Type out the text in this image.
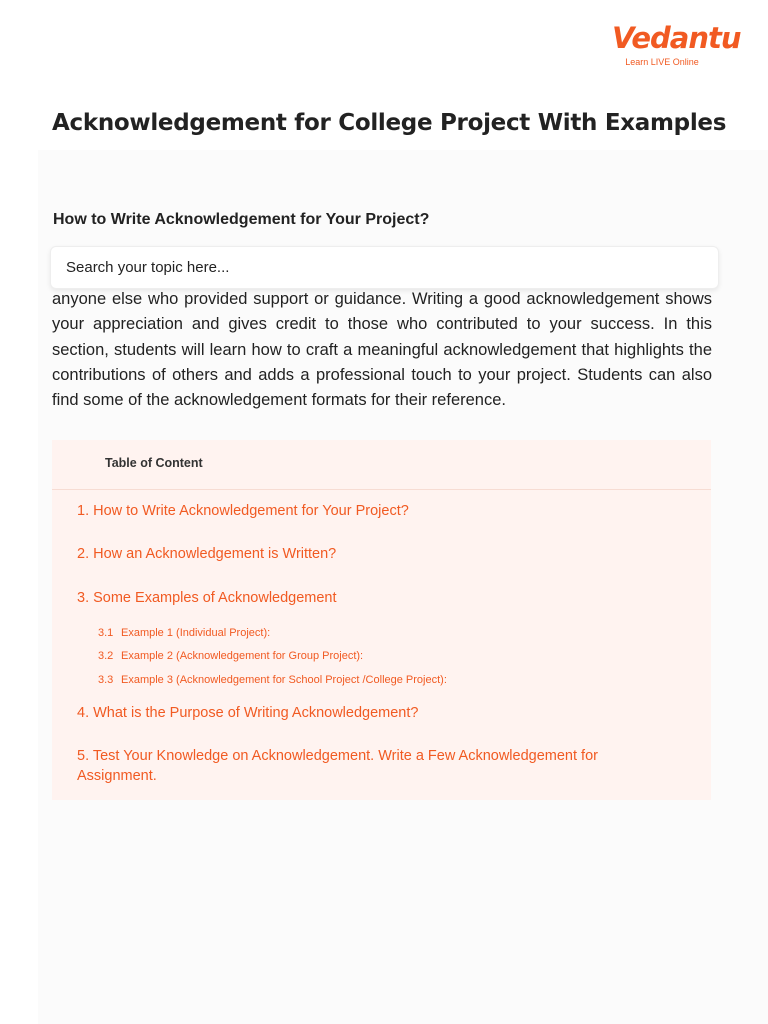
Vedantu
Learn LIVE Online
Acknowledgement for College Project With Examples
How to Write Acknowledgement for Your Project?

anyone else who provided support or guidance. Writing a good acknowledgement shows your appreciation and gives credit to those who contributed to your success. In this section, students will learn how to craft a meaningful acknowledgement that highlights the contributions of others and adds a professional touch to your project. Students can also find some of the acknowledgement formats for their reference.

Search your topic here...
Table of Content
1. How to Write Acknowledgement for Your Project?
2. How an Acknowledgement is Written?
3. Some Examples of Acknowledgement
3.1 Example 1 (Individual Project):
3.2 Example 2 (Acknowledgement for Group Project):
3.3 Example 3 (Acknowledgement for School Project /College Project):
4. What is the Purpose of Writing Acknowledgement?
5. Test Your Knowledge on Acknowledgement. Write a Few Acknowledgement for Assignment.
